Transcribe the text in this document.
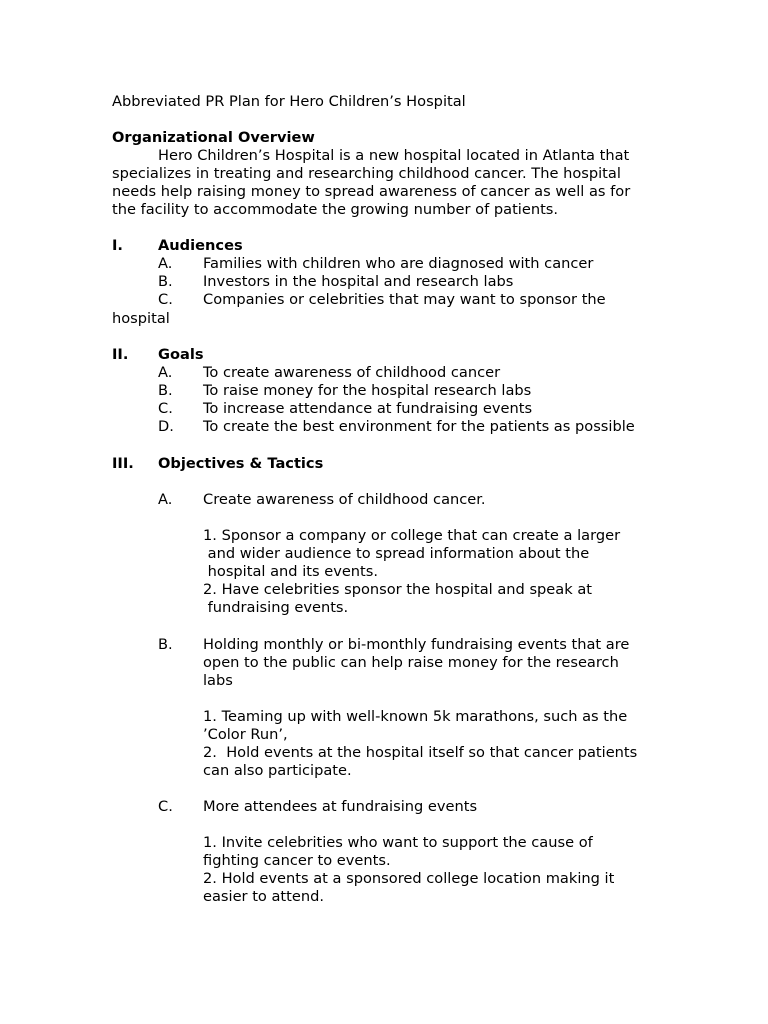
Abbreviated PR Plan for Hero Children’s Hospital

Organizational Overview

Hero Children’s Hospital is a new hospital located in Atlanta that

specializes in treating and researching childhood cancer. The hospital

needs help raising money to spread awareness of cancer as well as for

the facility to accommodate the growing number of patients.

I. Audiences
A. Families with children who are diagnosed with cancer
B. Investors in the hospital and research labs
C. Companies or celebrities that may want to sponsor the

hospital

II. Goals
A. To create awareness of childhood cancer
B. To raise money for the hospital research labs
C. To increase attendance at fundraising events
D. To create the best environment for the patients as possible
III. Objectives & Tactics
A. Create awareness of childhood cancer.

1. Sponsor a company or college that can create a larger

and wider audience to spread information about the

hospital and its events.

2. Have celebrities sponsor the hospital and speak at

fundraising events.

B. Holding monthly or bi-monthly fundraising events that are

open to the public can help raise money for the research

labs

1. Teaming up with well-known 5k marathons, such as the

’Color Run’,

2.  Hold events at the hospital itself so that cancer patients

can also participate.

C. More attendees at fundraising events

1. Invite celebrities who want to support the cause of

fighting cancer to events.

2. Hold events at a sponsored college location making it

easier to attend.
